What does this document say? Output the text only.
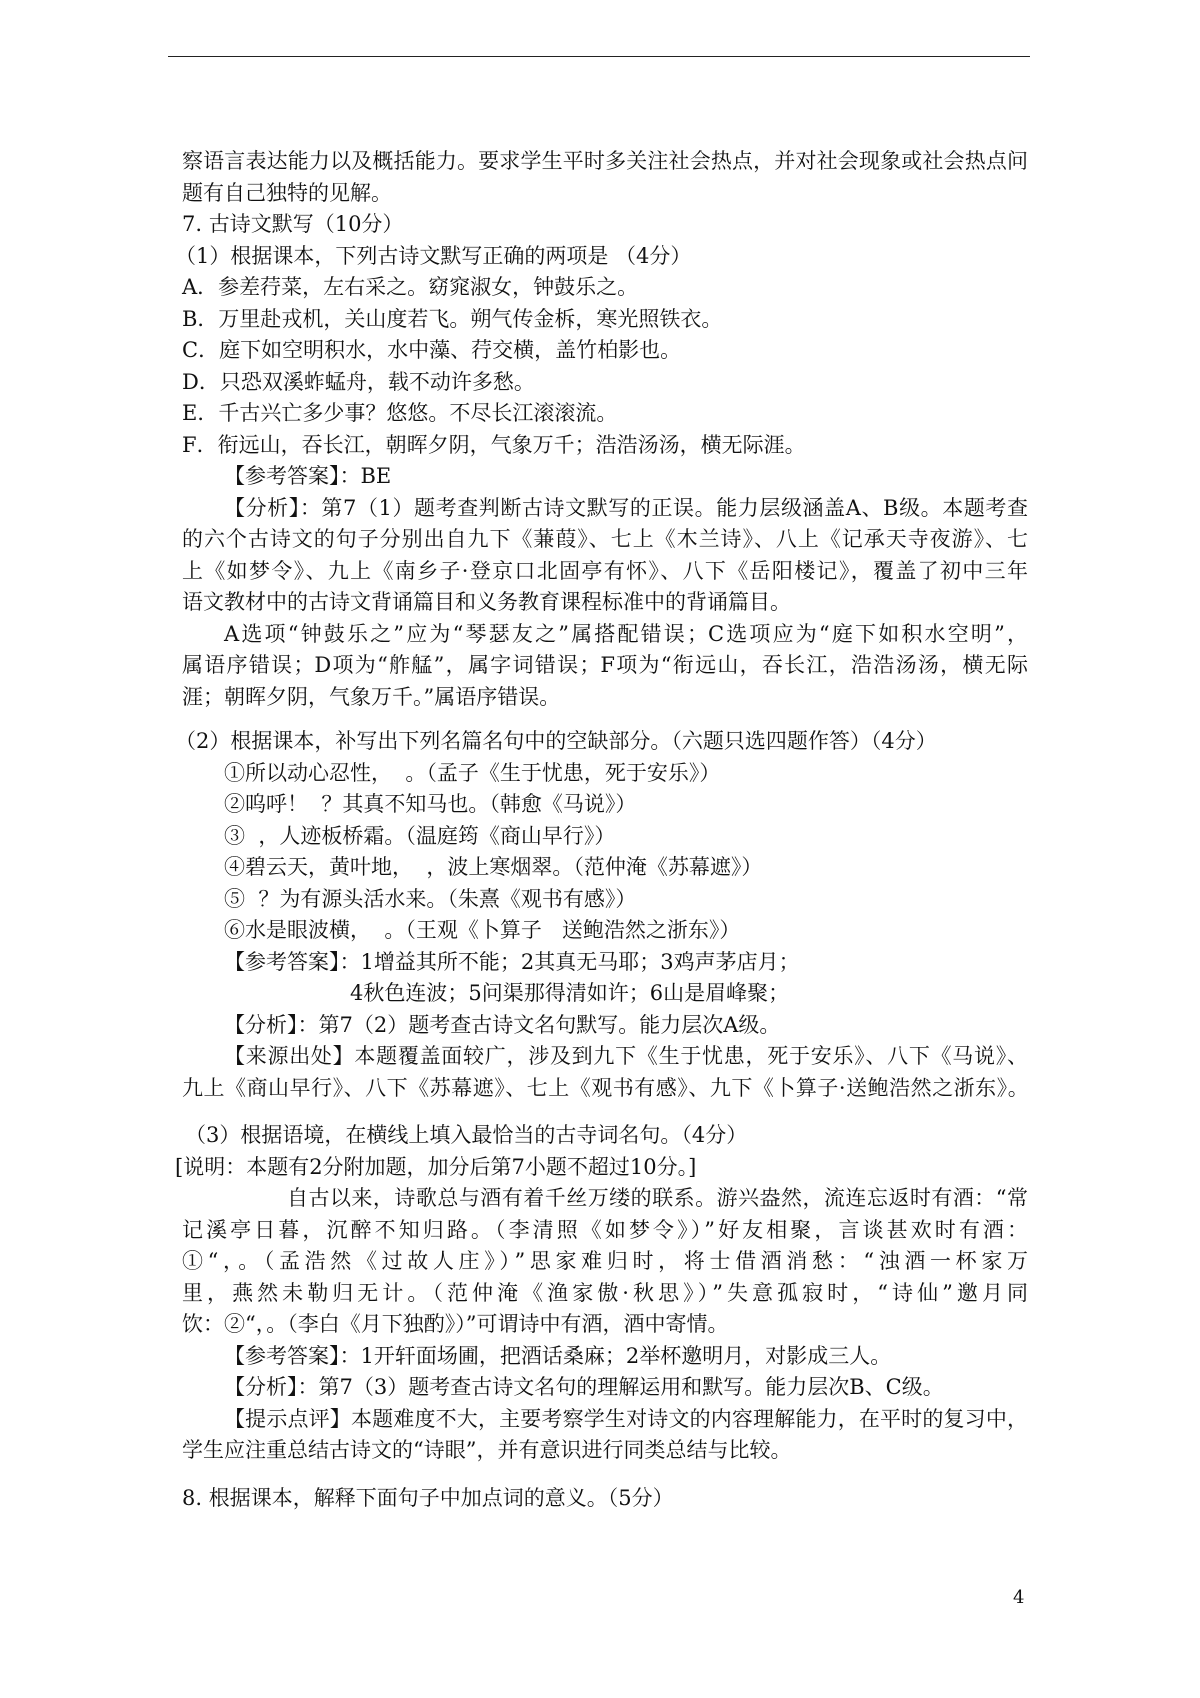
察语言表达能力以及概括能力。要求学生平时多关注社会热点，并对社会现象或社会热点问
题有自己独特的见解。
7. 古诗文默写（10分）
（1）根据课本，下列古诗文默写正确的两项是 （4分）
A．参差荇菜，左右采之。窈窕淑女，钟鼓乐之。
B．万里赴戎机，关山度若飞。朔气传金柝，寒光照铁衣。
C．庭下如空明积水，水中藻、荇交横，盖竹柏影也。
D．只恐双溪蚱蜢舟，载不动许多愁。
E．千古兴亡多少事？悠悠。不尽长江滚滚流。
F．衔远山，吞长江，朝晖夕阴，气象万千；浩浩汤汤，横无际涯。
【参考答案】：BE
【分析】：第7（1）题考查判断古诗文默写的正误。能力层级涵盖A、B级。本题考查
的六个古诗文的句子分别出自九下《蒹葭》、七上《木兰诗》、八上《记承天寺夜游》、七
上《如梦令》、九上《南乡子·登京口北固亭有怀》、八下《岳阳楼记》，覆盖了初中三年
语文教材中的古诗文背诵篇目和义务教育课程标准中的背诵篇目。
A选项“钟鼓乐之”应为“琴瑟友之”属搭配错误；C选项应为“庭下如积水空明”，
属语序错误；D项为“舴艋”，属字词错误；F项为“衔远山，吞长江，浩浩汤汤，横无际
涯；朝晖夕阴，气象万千。”属语序错误。
（2）根据课本，补写出下列名篇名句中的空缺部分。（六题只选四题作答）（4分）
①所以动心忍性，  。（孟子《生于忧患，死于安乐》）
②呜呼！  ？其真不知马也。（韩愈《马说》）
③  ，人迹板桥霜。（温庭筠《商山早行》）
④碧云天，黄叶地，  ，波上寒烟翠。（范仲淹《苏幕遮》）
⑤  ？为有源头活水来。（朱熹《观书有感》）
⑥水是眼波横，  。（王观《卜算子   送鲍浩然之浙东》）
【参考答案】：1增益其所不能；2其真无马耶；3鸡声茅店月；
4秋色连波；5问渠那得清如许；6山是眉峰聚；
【分析】：第7（2）题考查古诗文名句默写。能力层次A级。
【来源出处】本题覆盖面较广，涉及到九下《生于忧患，死于安乐》、八下《马说》、
九上《商山早行》、八下《苏幕遮》、七上《观书有感》、九下《卜算子·送鲍浩然之浙东》。
（3）根据语境，在横线上填入最恰当的古寺词名句。（4分）
[说明：本题有2分附加题，加分后第7小题不超过10分。]
自古以来，诗歌总与酒有着千丝万缕的联系。游兴盎然，流连忘返时有酒：“常
记溪亭日暮，沉醉不知归路。（李清照《如梦令》）”好友相聚，言谈甚欢时有酒：
①“，。（孟浩然《过故人庄》）”思家难归时，将士借酒消愁：“浊酒一杯家万
里，燕然未勒归无计。（范仲淹《渔家傲·秋思》）”失意孤寂时，“诗仙”邀月同
饮：②“，。（李白《月下独酌》）”可谓诗中有酒，酒中寄情。
【参考答案】：1开轩面场圃，把酒话桑麻；2举杯邀明月，对影成三人。
【分析】：第7（3）题考查古诗文名句的理解运用和默写。能力层次B、C级。
【提示点评】本题难度不大，主要考察学生对诗文的内容理解能力，在平时的复习中，
学生应注重总结古诗文的“诗眼”，并有意识进行同类总结与比较。
8. 根据课本，解释下面句子中加点词的意义。（5分）
4
